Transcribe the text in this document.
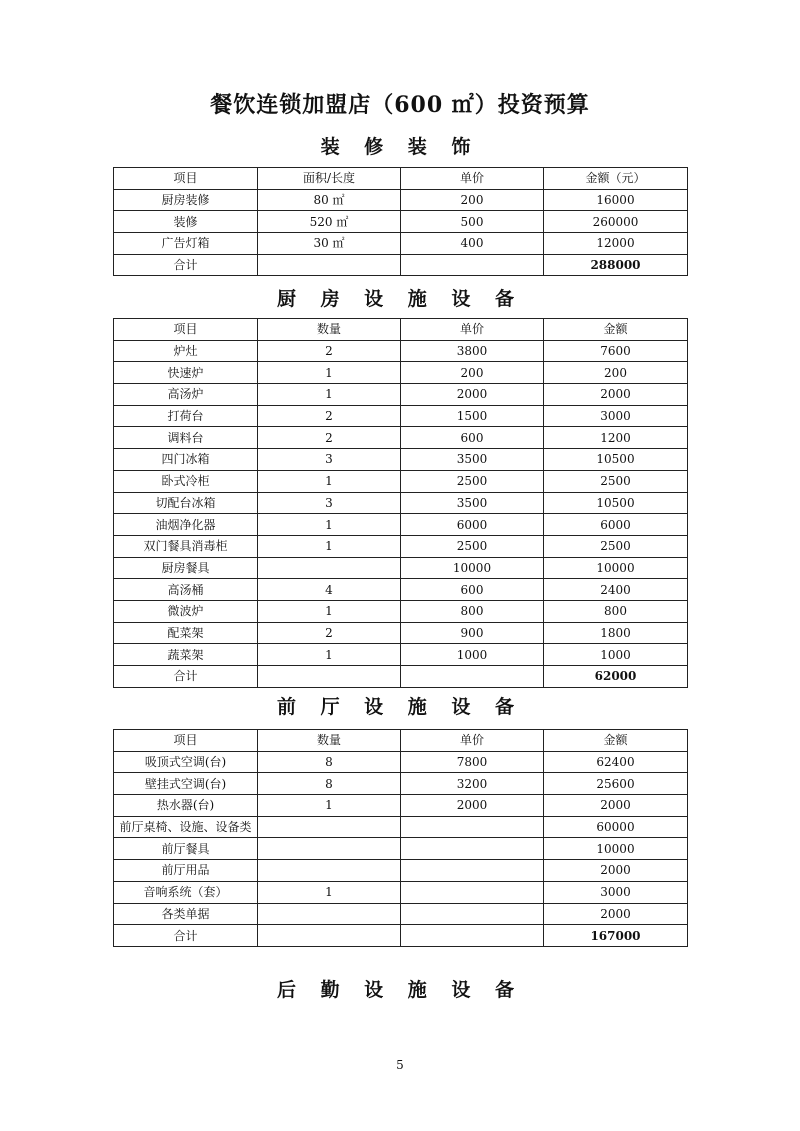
餐饮连锁加盟店（600 ㎡）投资预算
装 修 装 饰
项目	面积/长度	单价	金额（元）
厨房装修	80 ㎡	200	16000
装修	520 ㎡	500	260000
广告灯箱	30 ㎡	400	12000
合计			288000
厨 房 设 施 设 备
项目	数量	单价	金额
炉灶	2	3800	7600
快速炉	1	200	200
高汤炉	1	2000	2000
打荷台	2	1500	3000
调料台	2	600	1200
四门冰箱	3	3500	10500
卧式冷柜	1	2500	2500
切配台冰箱	3	3500	10500
油烟净化器	1	6000	6000
双门餐具消毒柜	1	2500	2500
厨房餐具		10000	10000
高汤桶	4	600	2400
微波炉	1	800	800
配菜架	2	900	1800
蔬菜架	1	1000	1000
合计			62000
前 厅 设 施 设 备
项目	数量	单价	金额
吸顶式空调(台)	8	7800	62400
壁挂式空调(台)	8	3200	25600
热水器(台)	1	2000	2000
前厅桌椅、设施、设备类			60000
前厅餐具			10000
前厅用品			2000
音响系统（套）	1		3000
各类单据			2000
合计			167000
后 勤 设 施 设 备
5
